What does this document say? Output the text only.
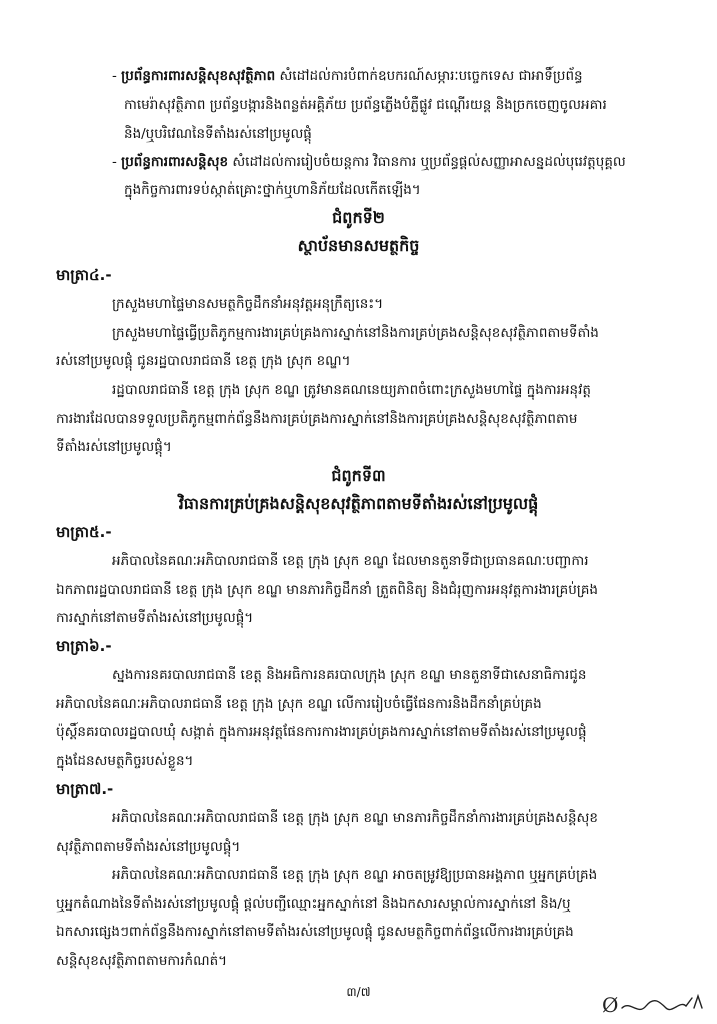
- ប្រព័ន្ធការពារសន្តិសុខសុវត្ថិភាព សំដៅដល់ការបំពាក់ឧបករណ៍សម្ភារៈបច្ចេកទេស ជាអាទិ៍ប្រព័ន្ធ
កាមេរ៉ាសុវត្ថិភាព ប្រព័ន្ធបង្ការនិងពន្លត់អគ្គិភ័យ ប្រព័ន្ធភ្លើងបំភ្លឺផ្លូវ ជណ្ដើរយន្ត និងច្រកចេញចូលអគារ
និង/ឬបរិវេណនៃទីតាំងរស់នៅប្រមូលផ្ដុំ
- ប្រព័ន្ធការពារសន្តិសុខ សំដៅដល់ការរៀបចំយន្តការ វិធានការ ឬប្រព័ន្ធផ្ដល់សញ្ញាអាសន្នដល់បុរេវត្តបុគ្គល
ក្នុងកិច្ចការពារទប់ស្កាត់គ្រោះថ្នាក់ឬហានិភ័យដែលកើតឡើង។
ជំពូកទី២
ស្ថាប័នមានសមត្ថកិច្ច
មាត្រា៤.-
ក្រសួងមហាផ្ទៃមានសមត្ថកិច្ចដឹកនាំអនុវត្តអនុក្រឹត្យនេះ។
ក្រសួងមហាផ្ទៃធ្វើប្រតិភូកម្មការងារគ្រប់គ្រងការស្នាក់នៅនិងការគ្រប់គ្រងសន្តិសុខសុវត្ថិភាពតាមទីតាំង
រស់នៅប្រមូលផ្ដុំ ជូនរដ្ឋបាលរាជធានី ខេត្ត ក្រុង ស្រុក ខណ្ឌ។
រដ្ឋបាលរាជធានី ខេត្ត ក្រុង ស្រុក ខណ្ឌ ត្រូវមានគណនេយ្យភាពចំពោះក្រសួងមហាផ្ទៃ ក្នុងការអនុវត្ត
ការងារដែលបានទទួលប្រតិភូកម្មពាក់ព័ន្ធនឹងការគ្រប់គ្រងការស្នាក់នៅនិងការគ្រប់គ្រងសន្តិសុខសុវត្ថិភាពតាម
ទីតាំងរស់នៅប្រមូលផ្ដុំ។
ជំពូកទី៣
វិធានការគ្រប់គ្រងសន្តិសុខសុវត្ថិភាពតាមទីតាំងរស់នៅប្រមូលផ្ដុំ
មាត្រា៥.-
អភិបាលនៃគណៈអភិបាលរាជធានី ខេត្ត ក្រុង ស្រុក ខណ្ឌ ដែលមានតួនាទីជាប្រធានគណៈបញ្ជាការ
ឯកភាពរដ្ឋបាលរាជធានី ខេត្ត ក្រុង ស្រុក ខណ្ឌ មានភារកិច្ចដឹកនាំ ត្រួតពិនិត្យ និងជំរុញការអនុវត្តការងារគ្រប់គ្រង
ការស្នាក់នៅតាមទីតាំងរស់នៅប្រមូលផ្ដុំ។
មាត្រា៦.-
ស្នងការនគរបាលរាជធានី ខេត្ត និងអធិការនគរបាលក្រុង ស្រុក ខណ្ឌ មានតួនាទីជាសេនាធិការជូន
អភិបាលនៃគណៈអភិបាលរាជធានី ខេត្ត ក្រុង ស្រុក ខណ្ឌ លើការរៀបចំធ្វើផែនការនិងដឹកនាំគ្រប់គ្រង
ប៉ុស្តិ៍នគរបាលរដ្ឋបាលឃុំ សង្កាត់ ក្នុងការអនុវត្តផែនការការងារគ្រប់គ្រងការស្នាក់នៅតាមទីតាំងរស់នៅប្រមូលផ្ដុំ
ក្នុងដែនសមត្ថកិច្ចរបស់ខ្លួន។
មាត្រា៧.-
អភិបាលនៃគណៈអភិបាលរាជធានី ខេត្ត ក្រុង ស្រុក ខណ្ឌ មានភារកិច្ចដឹកនាំការងារគ្រប់គ្រងសន្តិសុខ
សុវត្ថិភាពតាមទីតាំងរស់នៅប្រមូលផ្ដុំ។
អភិបាលនៃគណៈអភិបាលរាជធានី ខេត្ត ក្រុង ស្រុក ខណ្ឌ អាចតម្រូវឱ្យប្រធានអង្គភាព ឬអ្នកគ្រប់គ្រង
ឬអ្នកតំណាងនៃទីតាំងរស់នៅប្រមូលផ្ដុំ ផ្ដល់បញ្ជីឈ្មោះអ្នកស្នាក់នៅ និងឯកសារសម្គាល់ការស្នាក់នៅ និង/ឬ
ឯកសារផ្សេងៗពាក់ព័ន្ធនឹងការស្នាក់នៅតាមទីតាំងរស់នៅប្រមូលផ្ដុំ ជូនសមត្ថកិច្ចពាក់ព័ន្ធលើការងារគ្រប់គ្រង
សន្តិសុខសុវត្ថិភាពតាមការកំណត់។
៣/៧
Ø
